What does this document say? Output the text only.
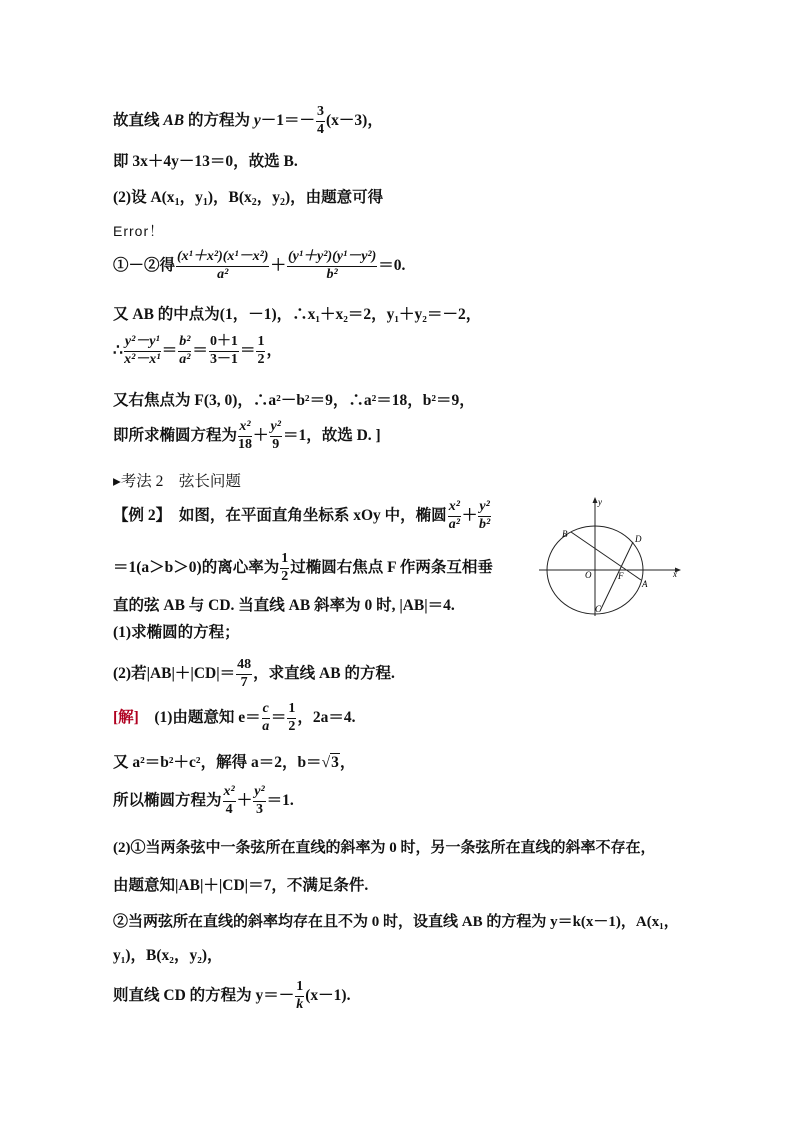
故直线 AB 的方程为 $y-1=- \frac{3}{4} (x-3)$，
即 3x＋4y－13＝0，故选 B.
(2)设 $A(x_1$，$y_1$)，$B(x_2$，$y_2$)，由题意可得
Error！
①－②得 $\frac{\text{(x¹＋x²)(x¹－x²)}}{\text{a²}} + \frac{\text{(y¹＋y²)(y¹－y²)}}{\text{b²}} =0$.
又 AB 的中点为(1，－1)，∴x₁＋x₂＝2，y₁＋y₂＝－2，
∴ $\frac{\text{y²－y¹}}{\text{x²－x¹}} = \frac{\text{b²}}{\text{a²}} = \frac{0+1}{3-1} = \frac{1}{2}$ ，
又右焦点为 F(3, 0)，∴a²－b²＝9，∴a²＝18，b²＝9，
即所求椭圆方程为 $\frac{\text{x²}}{18} + \frac{\text{y²}}{9} =1$，故选 D. ]
▸考法 2　弦长问题
【例 2】　如图，在平面直角坐标系 xOy 中，椭圆 $\frac{\text{x²}}{\text{a²}} + \frac{\text{y²}}{\text{b²}}$
＝1(a＞b＞0)的离心率为 $\frac{1}{2}$ 过椭圆右焦点 F 作两条互相垂
直的弦 AB 与 CD. 当直线 AB 斜率为 0 时, |AB|＝4.
(1)求椭圆的方程；
(2)若$|AB|+|CD|= \frac{48}{7}$ ，求直线 AB 的方程.
[解]　(1)由题意知 $e= \frac{c}{a} = \frac{1}{2}$ ，2a＝4.
又 a²＝b²＋c²，解得 a＝2，b＝√3，
所以椭圆方程为 $\frac{\text{x²}}{4} + \frac{\text{y²}}{3} =1$.
(2)①当两条弦中一条弦所在直线的斜率为 0 时，另一条弦所在直线的斜率不存在，
由题意知|AB|＋|CD|＝7，不满足条件.
②当两弦所在直线的斜率均存在且不为 0 时，设直线 AB 的方程为 y＝k(x－1)，A(x₁，
y₁)，B(x₂，y₂)，
则直线 CD 的方程为 $y=- \frac{1}{k} (x-1)$.
y
x
O
B	D
F
A
C
